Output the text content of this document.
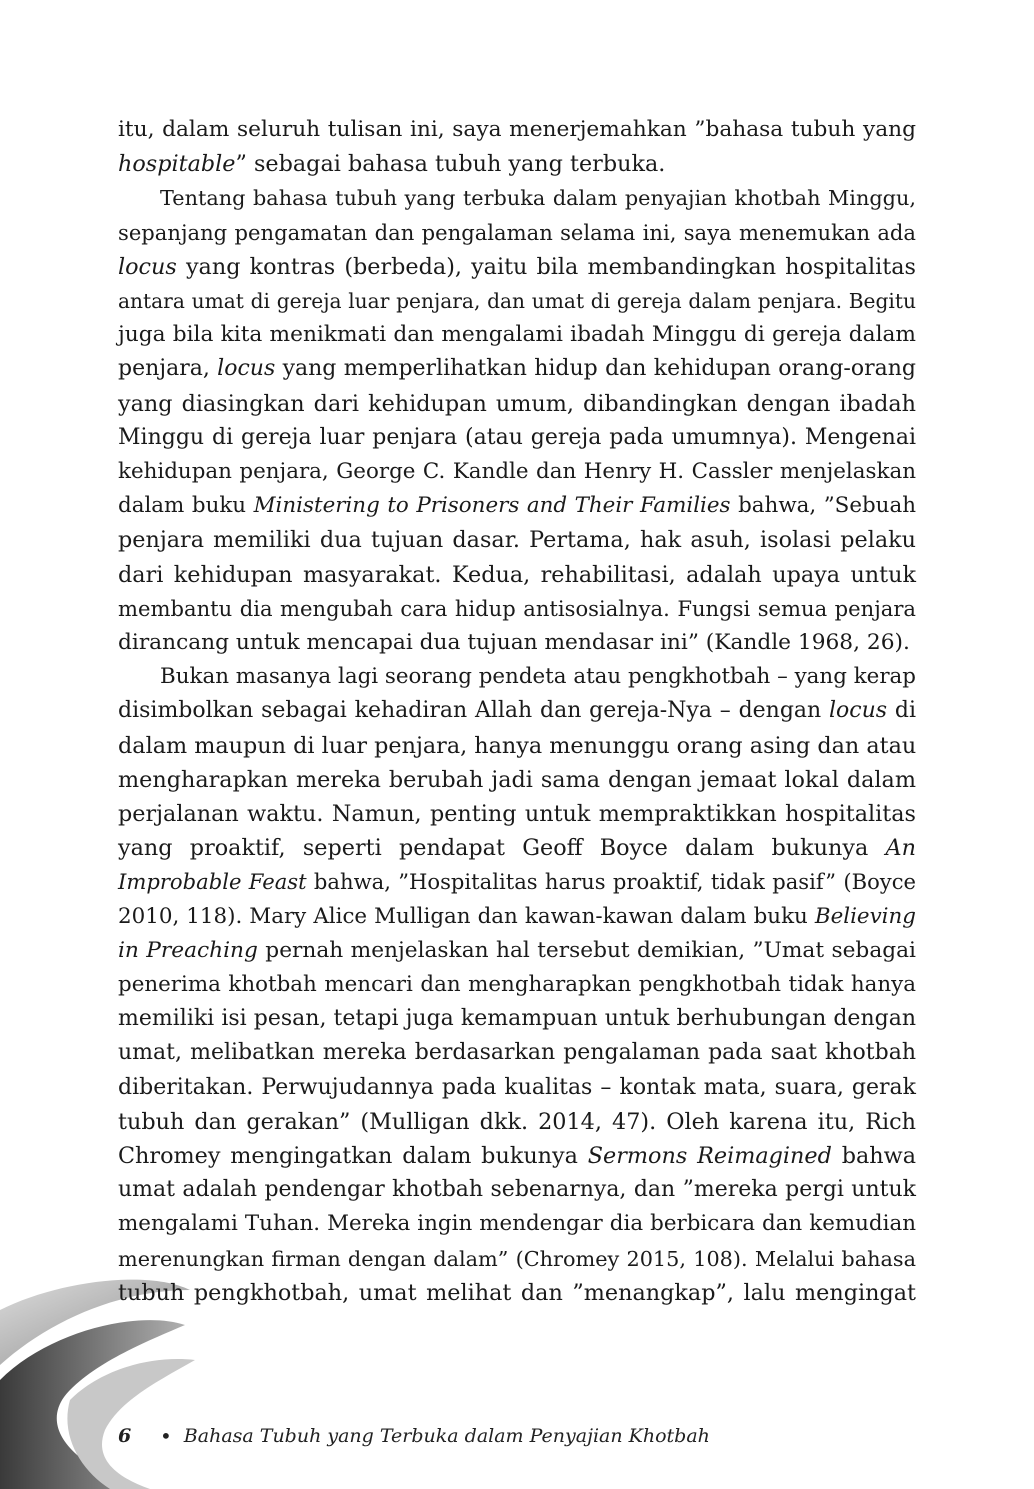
itu, dalam seluruh tulisan ini, saya menerjemahkan ”bahasa tubuh yang
hospitable” sebagai bahasa tubuh yang terbuka.
Tentang bahasa tubuh yang terbuka dalam penyajian khotbah Minggu,
sepanjang pengamatan dan pengalaman selama ini, saya menemukan ada
locus yang kontras (berbeda), yaitu bila membandingkan hospitalitas
antara umat di gereja luar penjara, dan umat di gereja dalam penjara. Begitu
juga bila kita menikmati dan mengalami ibadah Minggu di gereja dalam
penjara, locus yang memperlihatkan hidup dan kehidupan orang-orang
yang diasingkan dari kehidupan umum, dibandingkan dengan ibadah
Minggu di gereja luar penjara (atau gereja pada umumnya). Mengenai
kehidupan penjara, George C. Kandle dan Henry H. Cassler menjelaskan
dalam buku Ministering to Prisoners and Their Families bahwa, ”Sebuah
penjara memiliki dua tujuan dasar. Pertama, hak asuh, isolasi pelaku
dari kehidupan masyarakat. Kedua, rehabilitasi, adalah upaya untuk
membantu dia mengubah cara hidup antisosialnya. Fungsi semua penjara
dirancang untuk mencapai dua tujuan mendasar ini” (Kandle 1968, 26).
Bukan masanya lagi seorang pendeta atau pengkhotbah – yang kerap
disimbolkan sebagai kehadiran Allah dan gereja-Nya – dengan locus di
dalam maupun di luar penjara, hanya menunggu orang asing dan atau
mengharapkan mereka berubah jadi sama dengan jemaat lokal dalam
perjalanan waktu. Namun, penting untuk mempraktikkan hospitalitas
yang proaktif, seperti pendapat Geoff Boyce dalam bukunya An
Improbable Feast bahwa, ”Hospitalitas harus proaktif, tidak pasif” (Boyce
2010, 118). Mary Alice Mulligan dan kawan-kawan dalam buku Believing
in Preaching pernah menjelaskan hal tersebut demikian, ”Umat sebagai
penerima khotbah mencari dan mengharapkan pengkhotbah tidak hanya
memiliki isi pesan, tetapi juga kemampuan untuk berhubungan dengan
umat, melibatkan mereka berdasarkan pengalaman pada saat khotbah
diberitakan. Perwujudannya pada kualitas – kontak mata, suara, gerak
tubuh dan gerakan” (Mulligan dkk. 2014, 47). Oleh karena itu, Rich
Chromey mengingatkan dalam bukunya Sermons Reimagined bahwa
umat adalah pendengar khotbah sebenarnya, dan ”mereka pergi untuk
mengalami Tuhan. Mereka ingin mendengar dia berbicara dan kemudian
merenungkan firman dengan dalam” (Chromey 2015, 108). Melalui bahasa
tubuh pengkhotbah, umat melihat dan ”menangkap”, lalu mengingat
6	• Bahasa Tubuh yang Terbuka dalam Penyajian Khotbah
